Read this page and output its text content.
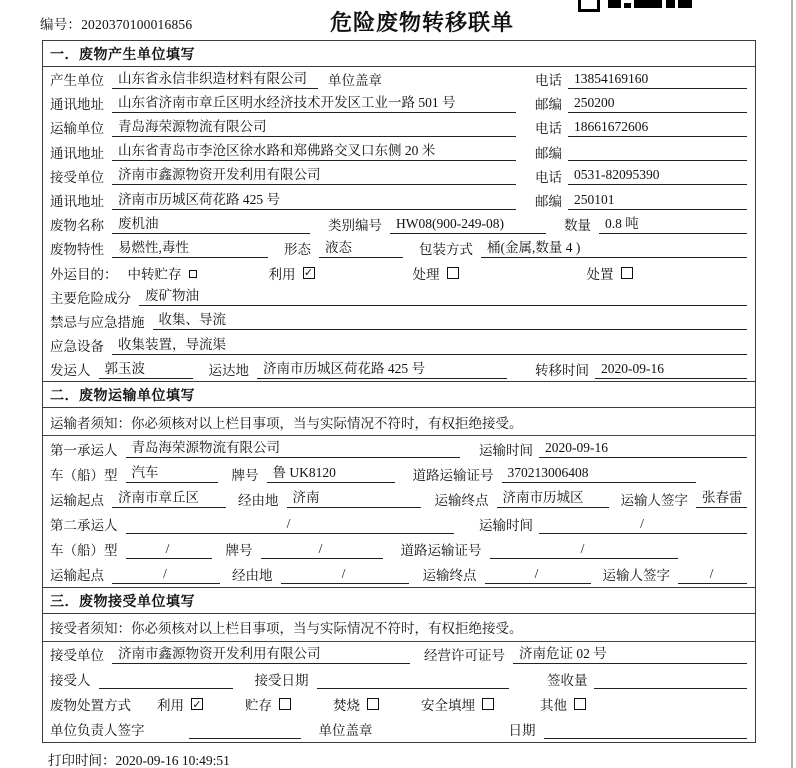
编号：2020370100016856	危险废物转移联单
一．废物产生单位填写
产生单位	山东省永信非织造材料有限公司	单位盖章	电话 13854169160
通讯地址	山东省济南市章丘区明水经济技术开发区工业一路 501 号	邮编 250200
运输单位	青岛海荣源物流有限公司	电话 18661672606
通讯地址	山东省青岛市李沧区徐水路和郑佛路交叉口东侧 20 米	邮编
接受单位	济南市鑫源物资开发利用有限公司	电话 0531-82095390
通讯地址	济南市历城区荷花路 425 号	邮编 250101
废物名称	废机油	类别编号	HW08(900-249-08)	数量	0.8 吨
废物特性	易燃性,毒性	形态	液态	包装方式	桶(金属,数量 4 )
外运目的： 中转贮存	利用 ✓	处理	处置
主要危险成分	废矿物油
禁忌与应急措施	收集、导流
应急设备	收集装置，导流渠
发运人	郭玉波	运达地	济南市历城区荷花路 425 号	转移时间 2020-09-16
二．废物运输单位填写
运输者须知：你必须核对以上栏目事项，当与实际情况不符时，有权拒绝接受。
第一承运人	青岛海荣源物流有限公司	运输时间 2020-09-16
车（船）型	汽车	牌号	鲁 UK8120	道路运输证号	370213006408
运输起点	济南市章丘区	经由地	济南	运输终点	济南市历城区	运输人签字	张春雷
第二承运人	/	运输时间	/
车（船）型	/	牌号	/	道路运输证号	/
运输起点	/	经由地	/	运输终点	/	运输人签字	/
三．废物接受单位填写
接受者须知：你必须核对以上栏目事项，当与实际情况不符时，有权拒绝接受。
接受单位	济南市鑫源物资开发利用有限公司	经营许可证号	济南危证 02 号
接受人	接受日期	签收量
废物处置方式 利用 ✓	贮存	焚烧	安全填埋	其他
单位负责人签字	单位盖章	日期
打印时间：2020-09-16 10:49:51
